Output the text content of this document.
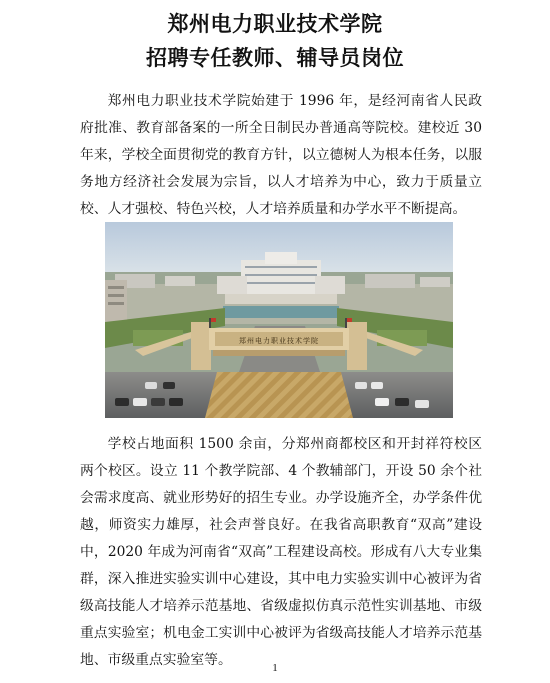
郑州电力职业技术学院
招聘专任教师、辅导员岗位

郑州电力职业技术学院始建于 1996 年，是经河南省人民政府批准、教育部备案的一所全日制民办普通高等院校。建校近 30 年来，学校全面贯彻党的教育方针，以立德树人为根本任务，以服务地方经济社会发展为宗旨，以人才培养为中心，致力于质量立校、人才强校、特色兴校，人才培养质量和办学水平不断提高。

郑州电力职业技术学院

学校占地面积 1500 余亩，分郑州商都校区和开封祥符校区两个校区。设立 11 个教学院部、4 个教辅部门，开设 50 余个社会需求度高、就业形势好的招生专业。办学设施齐全，办学条件优越，师资实力雄厚，社会声誉良好。在我省高职教育“双高”建设中，2020 年成为河南省“双高”工程建设高校。形成有八大专业集群，深入推进实验实训中心建设，其中电力实验实训中心被评为省级高技能人才培养示范基地、省级虚拟仿真示范性实训基地、市级重点实验室；机电金工实训中心被评为省级高技能人才培养示范基地、市级重点实验室等。	1
